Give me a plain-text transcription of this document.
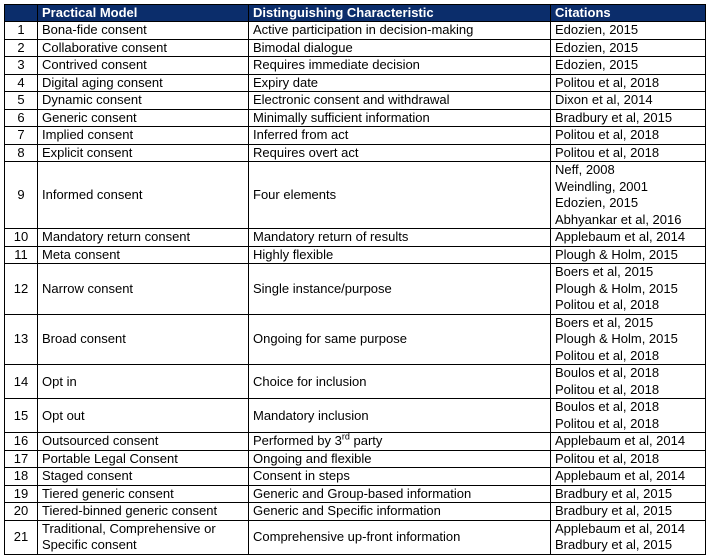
	Practical Model	Distinguishing Characteristic	Citations
1	Bona-fide consent	Active participation in decision-making	Edozien, 2015

2	Collaborative consent	Bimodal dialogue	Edozien, 2015

3	Contrived consent	Requires immediate decision	Edozien, 2015

4	Digital aging consent	Expiry date	Politou et al, 2018

5	Dynamic consent	Electronic consent and withdrawal	Dixon et al, 2014

6	Generic consent	Minimally sufficient information	Bradbury et al, 2015

7	Implied consent	Inferred from act	Politou et al, 2018

8	Explicit consent	Requires overt act	Politou et al, 2018

9	Informed consent	Four elements	Neff, 2008
Weindling, 2001
Edozien, 2015
Abhyankar et al, 2016

10	Mandatory return consent	Mandatory return of results	Applebaum et al, 2014

11	Meta consent	Highly flexible	Plough & Holm, 2015

12	Narrow consent	Single instance/purpose	Boers et al, 2015
Plough & Holm, 2015
Politou et al, 2018

13	Broad consent	Ongoing for same purpose	Boers et al, 2015
Plough & Holm, 2015
Politou et al, 2018

14	Opt in	Choice for inclusion	Boulos et al, 2018
Politou et al, 2018

15	Opt out	Mandatory inclusion	Boulos et al, 2018
Politou et al, 2018

16	Outsourced consent	Performed by 3rd party	Applebaum et al, 2014

17	Portable Legal Consent	Ongoing and flexible	Politou et al, 2018

18	Staged consent	Consent in steps	Applebaum et al, 2014

19	Tiered generic consent	Generic and Group-based information	Bradbury et al, 2015

20	Tiered-binned generic consent	Generic and Specific information	Bradbury et al, 2015

21	Traditional, Comprehensive or Specific consent	Comprehensive up-front information	Applebaum et al, 2014
Bradbury et al, 2015
